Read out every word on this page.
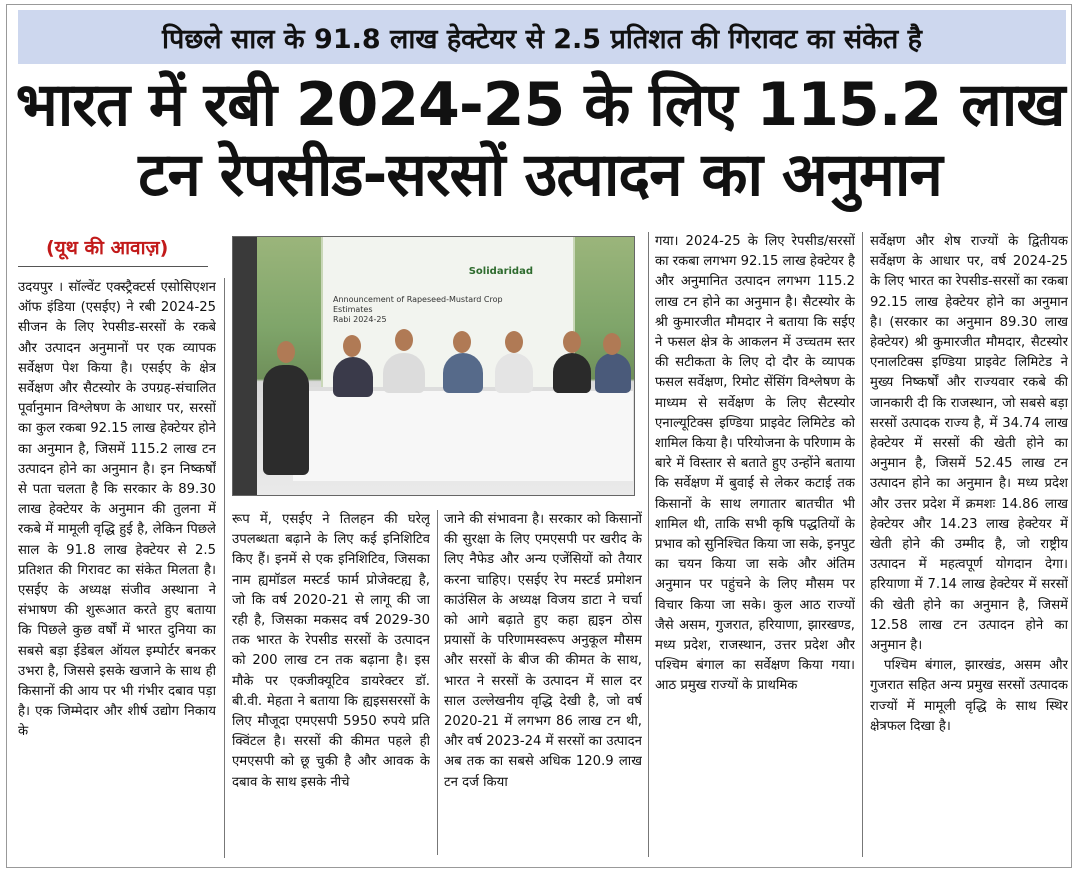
पिछले साल के 91.8 लाख हेक्टेयर से 2.5 प्रतिशत की गिरावट का संकेत है
भारत में रबी 2024-25 के लिए 115.2 लाख
टन रेपसीड-सरसों उत्पादन का अनुमान
(यूथ की आवाज़)

उदयपुर । सॉल्वेंट एक्स्ट्रैक्टर्स एसोसिएशन ऑफ इंडिया (एसईए) ने रबी 2024-25 सीजन के लिए रेपसीड-सरसों के रकबे और उत्पादन अनुमानों पर एक व्यापक सर्वेक्षण पेश किया है। एसईए के क्षेत्र सर्वेक्षण और सैटस्योर के उपग्रह-संचालित पूर्वानुमान विश्लेषण के आधार पर, सरसों का कुल रकबा 92.15 लाख हेक्टेयर होने का अनुमान है, जिसमें 115.2 लाख टन उत्पादन होने का अनुमान है। इन निष्कर्षों से पता चलता है कि सरकार के 89.30 लाख हेक्टेयर के अनुमान की तुलना में रकबे में मामूली वृद्धि हुई है, लेकिन पिछले साल के 91.8 लाख हेक्टेयर से 2.5 प्रतिशत की गिरावट का संकेत मिलता है। एसईए के अध्यक्ष संजीव अस्थाना ने संभाषण की शुरूआत करते हुए बताया कि पिछले कुछ वर्षों में भारत दुनिया का सबसे बड़ा ईडेबल ऑयल इम्पोर्टर बनकर उभरा है, जिससे इसके खजाने के साथ ही किसानों की आय पर भी गंभीर दबाव पड़ा है। एक जिम्मेदार और शीर्ष उद्योग निकाय के

Solidaridad
Announcement of Rapeseed-Mustard Crop Estimates
Rabi 2024-25

रूप में, एसईए ने तिलहन की घरेलू उपलब्धता बढ़ाने के लिए कई इनिशिटिव किए हैं। इनमें से एक इनिशिटिव, जिसका नाम ह्यमॉडल मस्टर्ड फार्म प्रोजेक्टह्य है, जो कि वर्ष 2020-21 से लागू की जा रही है, जिसका मकसद वर्ष 2029-30 तक भारत के रेपसीड सरसों के उत्पादन को 200 लाख टन तक बढ़ाना है। इस मौके पर एक्जीक्यूटिव डायरेक्टर डॉ. बी.वी. मेहता ने बताया कि ह्यइससरसों के लिए मौजूदा एमएसपी 5950 रुपये प्रति क्विंटल है। सरसों की कीमत पहले ही एमएसपी को छू चुकी है और आवक के दबाव के साथ इसके नीचे

जाने की संभावना है। सरकार को किसानों की सुरक्षा के लिए एमएसपी पर खरीद के लिए नैफेड और अन्य एजेंसियों को तैयार करना चाहिए। एसईए रेप मस्टर्ड प्रमोशन काउंसिल के अध्यक्ष विजय डाटा ने चर्चा को आगे बढ़ाते हुए कहा ह्यइन ठोस प्रयासों के परिणामस्वरूप अनुकूल मौसम और सरसों के बीज की कीमत के साथ, भारत ने सरसों के उत्पादन में साल दर साल उल्लेखनीय वृद्धि देखी है, जो वर्ष 2020-21 में लगभग 86 लाख टन थी, और वर्ष 2023-24 में सरसों का उत्पादन अब तक का सबसे अधिक 120.9 लाख टन दर्ज किया

गया। 2024-25 के लिए रेपसीड/सरसों का रकबा लगभग 92.15 लाख हेक्टेयर है और अनुमानित उत्पादन लगभग 115.2 लाख टन होने का अनुमान है। सैटस्योर के श्री कुमारजीत मौमदार ने बताया कि सईए ने फसल क्षेत्र के आकलन में उच्चतम स्तर की सटीकता के लिए दो दौर के व्यापक फसल सर्वेक्षण, रिमोट सेंसिंग विश्लेषण के माध्यम से सर्वेक्षण के लिए सैटस्योर एनाल्यूटिक्स इण्डिया प्राइवेट लिमिटेड को शामिल किया है। परियोजना के परिणाम के बारे में विस्तार से बताते हुए उन्होंने बताया कि सर्वेक्षण में बुवाई से लेकर कटाई तक किसानों के साथ लगातार बातचीत भी शामिल थी, ताकि सभी कृषि पद्धतियों के प्रभाव को सुनिश्चित किया जा सके, इनपुट का चयन किया जा सके और अंतिम अनुमान पर पहुंचने के लिए मौसम पर विचार किया जा सके। कुल आठ राज्यों जैसे असम, गुजरात, हरियाणा, झारखण्ड, मध्य प्रदेश, राजस्थान, उत्तर प्रदेश और पश्चिम बंगाल का सर्वेक्षण किया गया। आठ प्रमुख राज्यों के प्राथमिक

सर्वेक्षण और शेष राज्यों के द्वितीयक सर्वेक्षण के आधार पर, वर्ष 2024-25 के लिए भारत का रेपसीड-सरसों का रकबा 92.15 लाख हेक्टेयर होने का अनुमान है। (सरकार का अनुमान 89.30 लाख हेक्टेयर) श्री कुमारजीत मौमदार, सैटस्योर एनालटिक्स इण्डिया प्राइवेट लिमिटेड ने मुख्य निष्कर्षों और राज्यवार रकबे की जानकारी दी कि राजस्थान, जो सबसे बड़ा सरसों उत्पादक राज्य है, में 34.74 लाख हेक्टेयर में सरसों की खेती होने का अनुमान है, जिसमें 52.45 लाख टन उत्पादन होने का अनुमान है। मध्य प्रदेश और उत्तर प्रदेश में क्रमशः 14.86 लाख हेक्टेयर और 14.23 लाख हेक्टेयर में खेती होने की उम्मीद है, जो राष्ट्रीय उत्पादन में महत्वपूर्ण योगदान देगा। हरियाणा में 7.14 लाख हेक्टेयर में सरसों की खेती होने का अनुमान है, जिसमें 12.58 लाख टन उत्पादन होने का अनुमान है।

पश्चिम बंगाल, झारखंड, असम और गुजरात सहित अन्य प्रमुख सरसों उत्पादक राज्यों में मामूली वृद्धि के साथ स्थिर क्षेत्रफल दिखा है।
